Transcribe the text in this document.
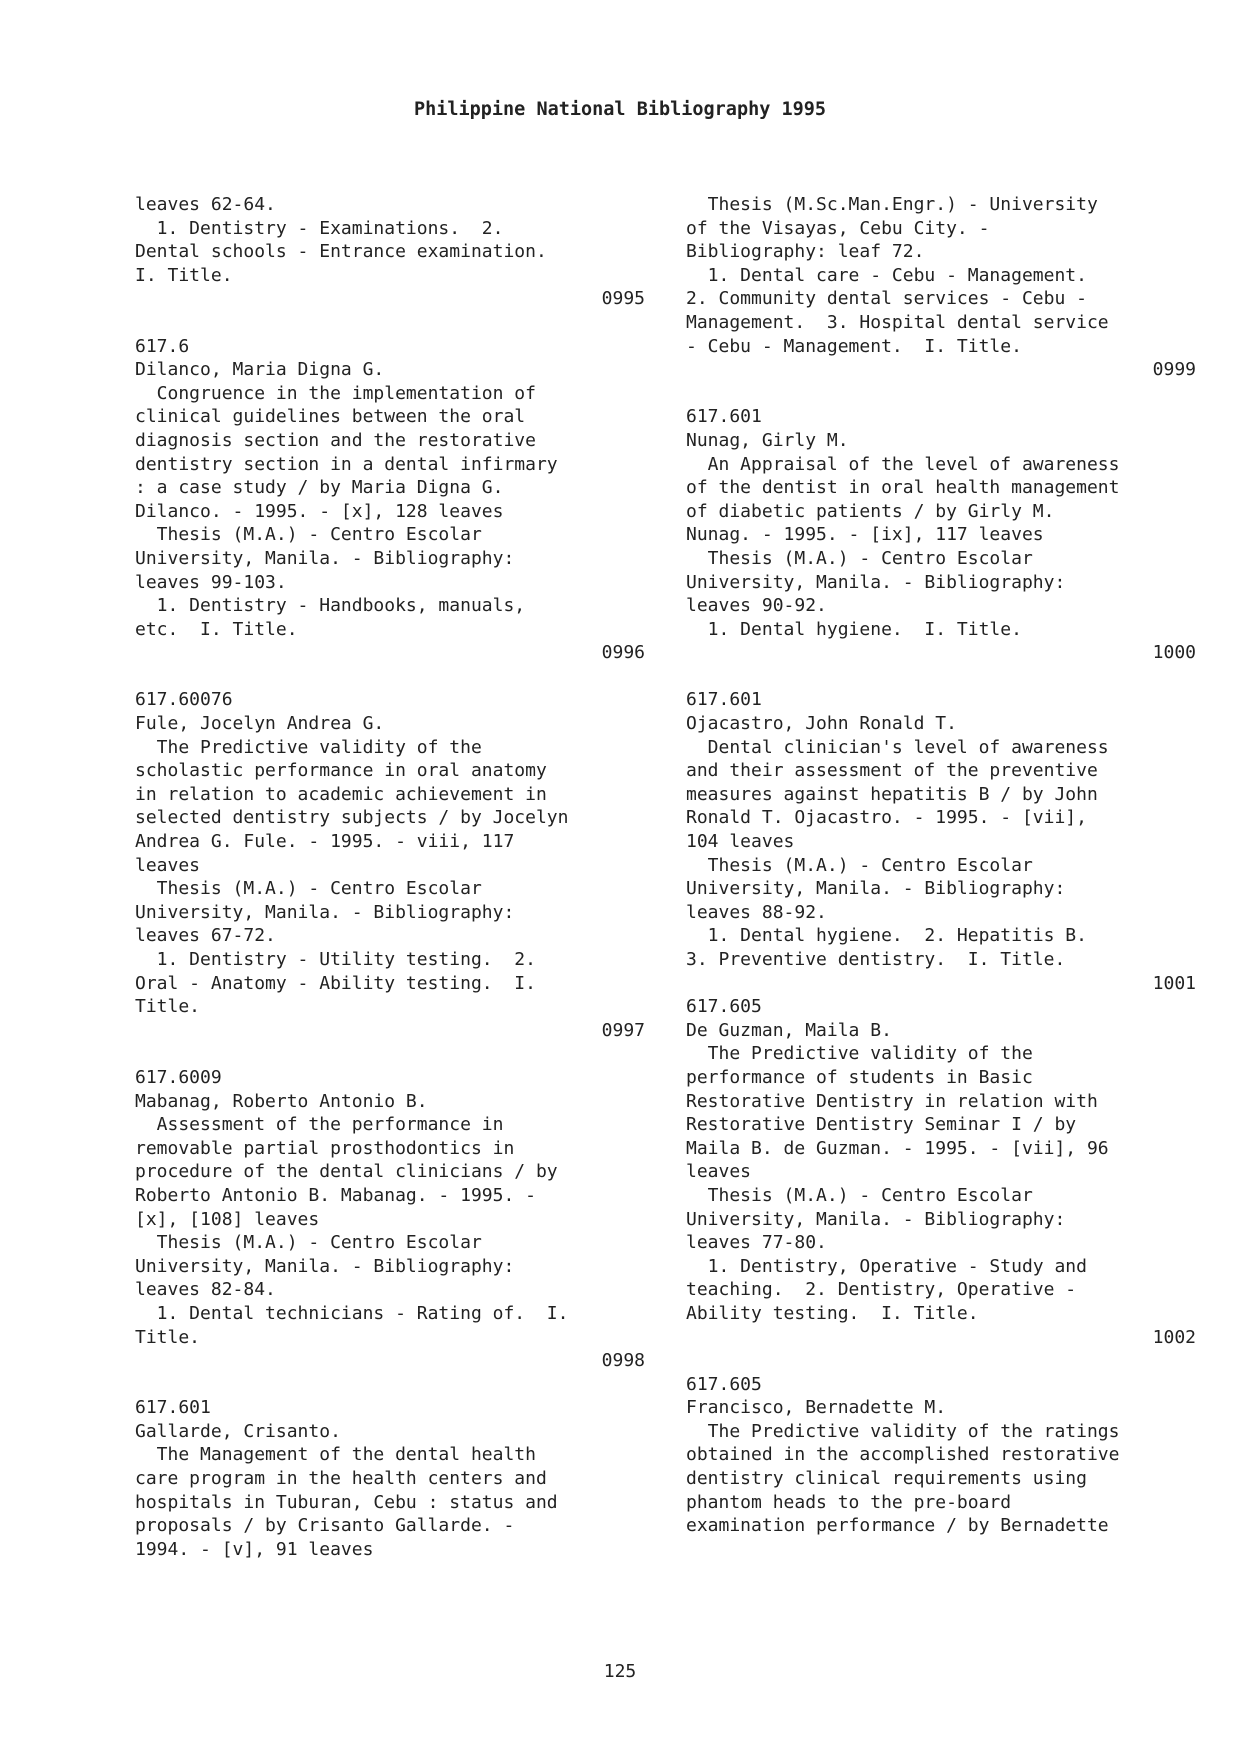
Philippine National Bibliography 1995
leaves 62-64.
1. Dentistry - Examinations.  2.
Dental schools - Entrance examination.
I. Title.
0995
617.6
Dilanco, Maria Digna G.
Congruence in the implementation of
clinical guidelines between the oral
diagnosis section and the restorative
dentistry section in a dental infirmary
: a case study / by Maria Digna G.
Dilanco. - 1995. - [x], 128 leaves
Thesis (M.A.) - Centro Escolar
University, Manila. - Bibliography:
leaves 99-103.
1. Dentistry - Handbooks, manuals,
etc.  I. Title.
0996
617.60076
Fule, Jocelyn Andrea G.
The Predictive validity of the
scholastic performance in oral anatomy
in relation to academic achievement in
selected dentistry subjects / by Jocelyn
Andrea G. Fule. - 1995. - viii, 117
leaves
Thesis (M.A.) - Centro Escolar
University, Manila. - Bibliography:
leaves 67-72.
1. Dentistry - Utility testing.  2.
Oral - Anatomy - Ability testing.  I.
Title.
0997
617.6009
Mabanag, Roberto Antonio B.
Assessment of the performance in
removable partial prosthodontics in
procedure of the dental clinicians / by
Roberto Antonio B. Mabanag. - 1995. -
[x], [108] leaves
Thesis (M.A.) - Centro Escolar
University, Manila. - Bibliography:
leaves 82-84.
1. Dental technicians - Rating of.  I.
Title.
0998
617.601
Gallarde, Crisanto.
The Management of the dental health
care program in the health centers and
hospitals in Tuburan, Cebu : status and
proposals / by Crisanto Gallarde. -
1994. - [v], 91 leaves
Thesis (M.Sc.Man.Engr.) - University
of the Visayas, Cebu City. -
Bibliography: leaf 72.
1. Dental care - Cebu - Management.
2. Community dental services - Cebu -
Management.  3. Hospital dental service
- Cebu - Management.  I. Title.
0999
617.601
Nunag, Girly M.
An Appraisal of the level of awareness
of the dentist in oral health management
of diabetic patients / by Girly M.
Nunag. - 1995. - [ix], 117 leaves
Thesis (M.A.) - Centro Escolar
University, Manila. - Bibliography:
leaves 90-92.
1. Dental hygiene.  I. Title.
1000
617.601
Ojacastro, John Ronald T.
Dental clinician's level of awareness
and their assessment of the preventive
measures against hepatitis B / by John
Ronald T. Ojacastro. - 1995. - [vii],
104 leaves
Thesis (M.A.) - Centro Escolar
University, Manila. - Bibliography:
leaves 88-92.
1. Dental hygiene.  2. Hepatitis B.
3. Preventive dentistry.  I. Title.
1001
617.605
De Guzman, Maila B.
The Predictive validity of the
performance of students in Basic
Restorative Dentistry in relation with
Restorative Dentistry Seminar I / by
Maila B. de Guzman. - 1995. - [vii], 96
leaves
Thesis (M.A.) - Centro Escolar
University, Manila. - Bibliography:
leaves 77-80.
1. Dentistry, Operative - Study and
teaching.  2. Dentistry, Operative -
Ability testing.  I. Title.
1002
617.605
Francisco, Bernadette M.
The Predictive validity of the ratings
obtained in the accomplished restorative
dentistry clinical requirements using
phantom heads to the pre-board
examination performance / by Bernadette
125
